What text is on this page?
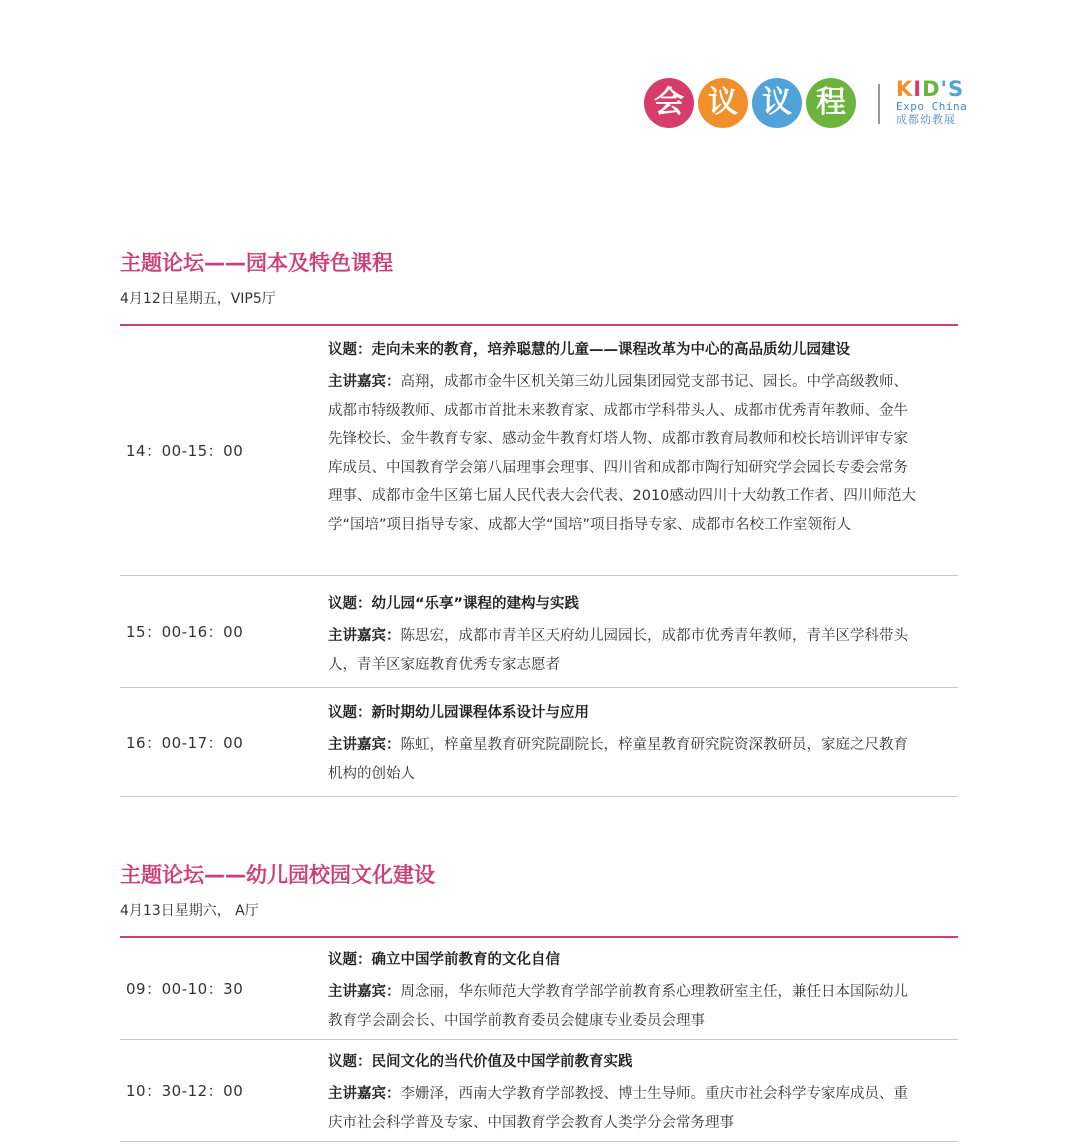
会 议 议 程	KID'S
Expo China
成都幼教展
主题论坛——园本及特色课程
4月12日星期五，VIP5厅
14：00-15：00
议题：走向未来的教育，培养聪慧的儿童——课程改革为中心的高品质幼儿园建设
主讲嘉宾：高翔，成都市金牛区机关第三幼儿园集团园党支部书记、园长。中学高级教师、成都市特级教师、成都市首批未来教育家、成都市学科带头人、成都市优秀青年教师、金牛先锋校长、金牛教育专家、感动金牛教育灯塔人物、成都市教育局教师和校长培训评审专家库成员、中国教育学会第八届理事会理事、四川省和成都市陶行知研究学会园长专委会常务理事、成都市金牛区第七届人民代表大会代表、2010感动四川十大幼教工作者、四川师范大学“国培”项目指导专家、成都大学“国培”项目指导专家、成都市名校工作室领衔人
15：00-16：00
议题：幼儿园“乐享”课程的建构与实践
主讲嘉宾：陈思宏，成都市青羊区天府幼儿园园长，成都市优秀青年教师，青羊区学科带头人，青羊区家庭教育优秀专家志愿者
16：00-17：00
议题：新时期幼儿园课程体系设计与应用
主讲嘉宾：陈虹，梓童星教育研究院副院长，梓童星教育研究院资深教研员，家庭之尺教育机构的创始人
主题论坛——幼儿园校园文化建设
4月13日星期六， A厅
09：00-10：30
议题：确立中国学前教育的文化自信
主讲嘉宾：周念丽，华东师范大学教育学部学前教育系心理教研室主任，兼任日本国际幼儿教育学会副会长、中国学前教育委员会健康专业委员会理事
10：30-12：00
议题：民间文化的当代价值及中国学前教育实践
主讲嘉宾：李姗泽，西南大学教育学部教授、博士生导师。重庆市社会科学专家库成员、重庆市社会科学普及专家、中国教育学会教育人类学分会常务理事
